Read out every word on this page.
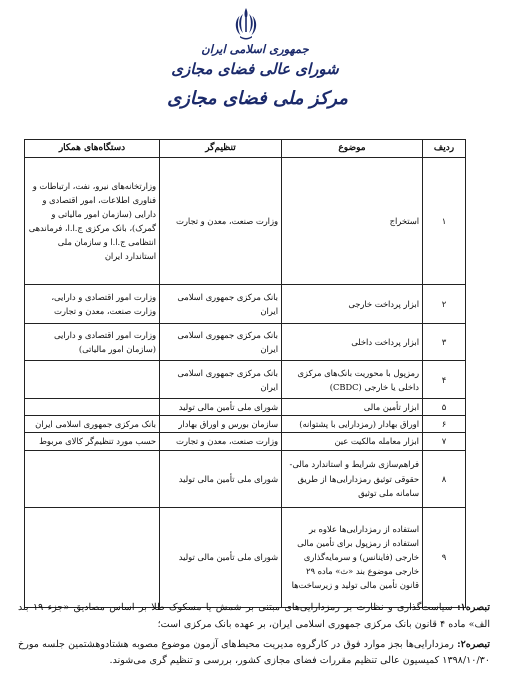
جمهوری اسلامی ایران
شورای عالی فضای مجازی
مرکز ملی فضای مجازی
ردیف	موضوع	تنظیم‌گر	دستگاه‌های همکار
۱	استخراج	وزارت صنعت، معدن و تجارت	وزارتخانه‌های نیرو، نفت، ارتباطات و فناوری اطلاعات، امور اقتصادی و دارایی (سازمان امور مالیاتی و گمرک)، بانک مرکزی ج.ا.ا، فرماندهی انتظامی ج.ا.ا و سازمان ملی استاندارد ایران
۲	ابزار پرداخت خارجی	بانک مرکزی جمهوری اسلامی ایران	وزارت امور اقتصادی و دارایی، وزارت صنعت، معدن و تجارت
۳	ابزار پرداخت داخلی	بانک مرکزی جمهوری اسلامی ایران	وزارت امور اقتصادی و دارایی (سازمان امور مالیاتی)
۴	رمزپول با محوریت بانک‌های مرکزی داخلی یا خارجی (CBDC)	بانک مرکزی جمهوری اسلامی ایران	
۵	ابزار تأمین مالی	شورای ملی تأمین مالی تولید	
۶	اوراق بهادار (رمزدارایی با پشتوانه)	سازمان بورس و اوراق بهادار	بانک مرکزی جمهوری اسلامی ایران
۷	ابزار معامله مالکیت عین	وزارت صنعت، معدن و تجارت	حسب مورد تنظیم‌گر کالای مربوط
۸	فراهم‌سازی شرایط و استاندارد مالی- حقوقی توثیق رمزدارایی‌ها از طریق سامانه ملی توثیق	شورای ملی تأمین مالی تولید	
۹	استفاده از رمزدارایی‌ها علاوه بر استفاده از رمزپول برای تأمین مالی خارجی (فاینانس) و سرمایه‌گذاری خارجی موضوع بند «ث» ماده ۲۹ قانون تأمین مالی تولید و زیرساخت‌ها	شورای ملی تأمین مالی تولید	

تبصره۱: سیاست‌گذاری و نظارت بر رمزدارایی‌های مبتنی بر شمش یا مسکوک طلا بر اساس مصادیق «جزء ۱۹ بند الف» ماده ۴ قانون بانک مرکزی جمهوری اسلامی ایران، بر عهده بانک مرکزی است؛

تبصره۲: رمزدارایی‌ها بجز موارد فوق در کارگروه مدیریت محیط‌های آزمون موضوع مصوبه هشتادوهشتمین جلسه مورخ ۱۳۹۸/۱۰/۳۰ کمیسیون عالی تنظیم مقررات فضای مجازی کشور، بررسی و تنظیم گری می‌شوند.
